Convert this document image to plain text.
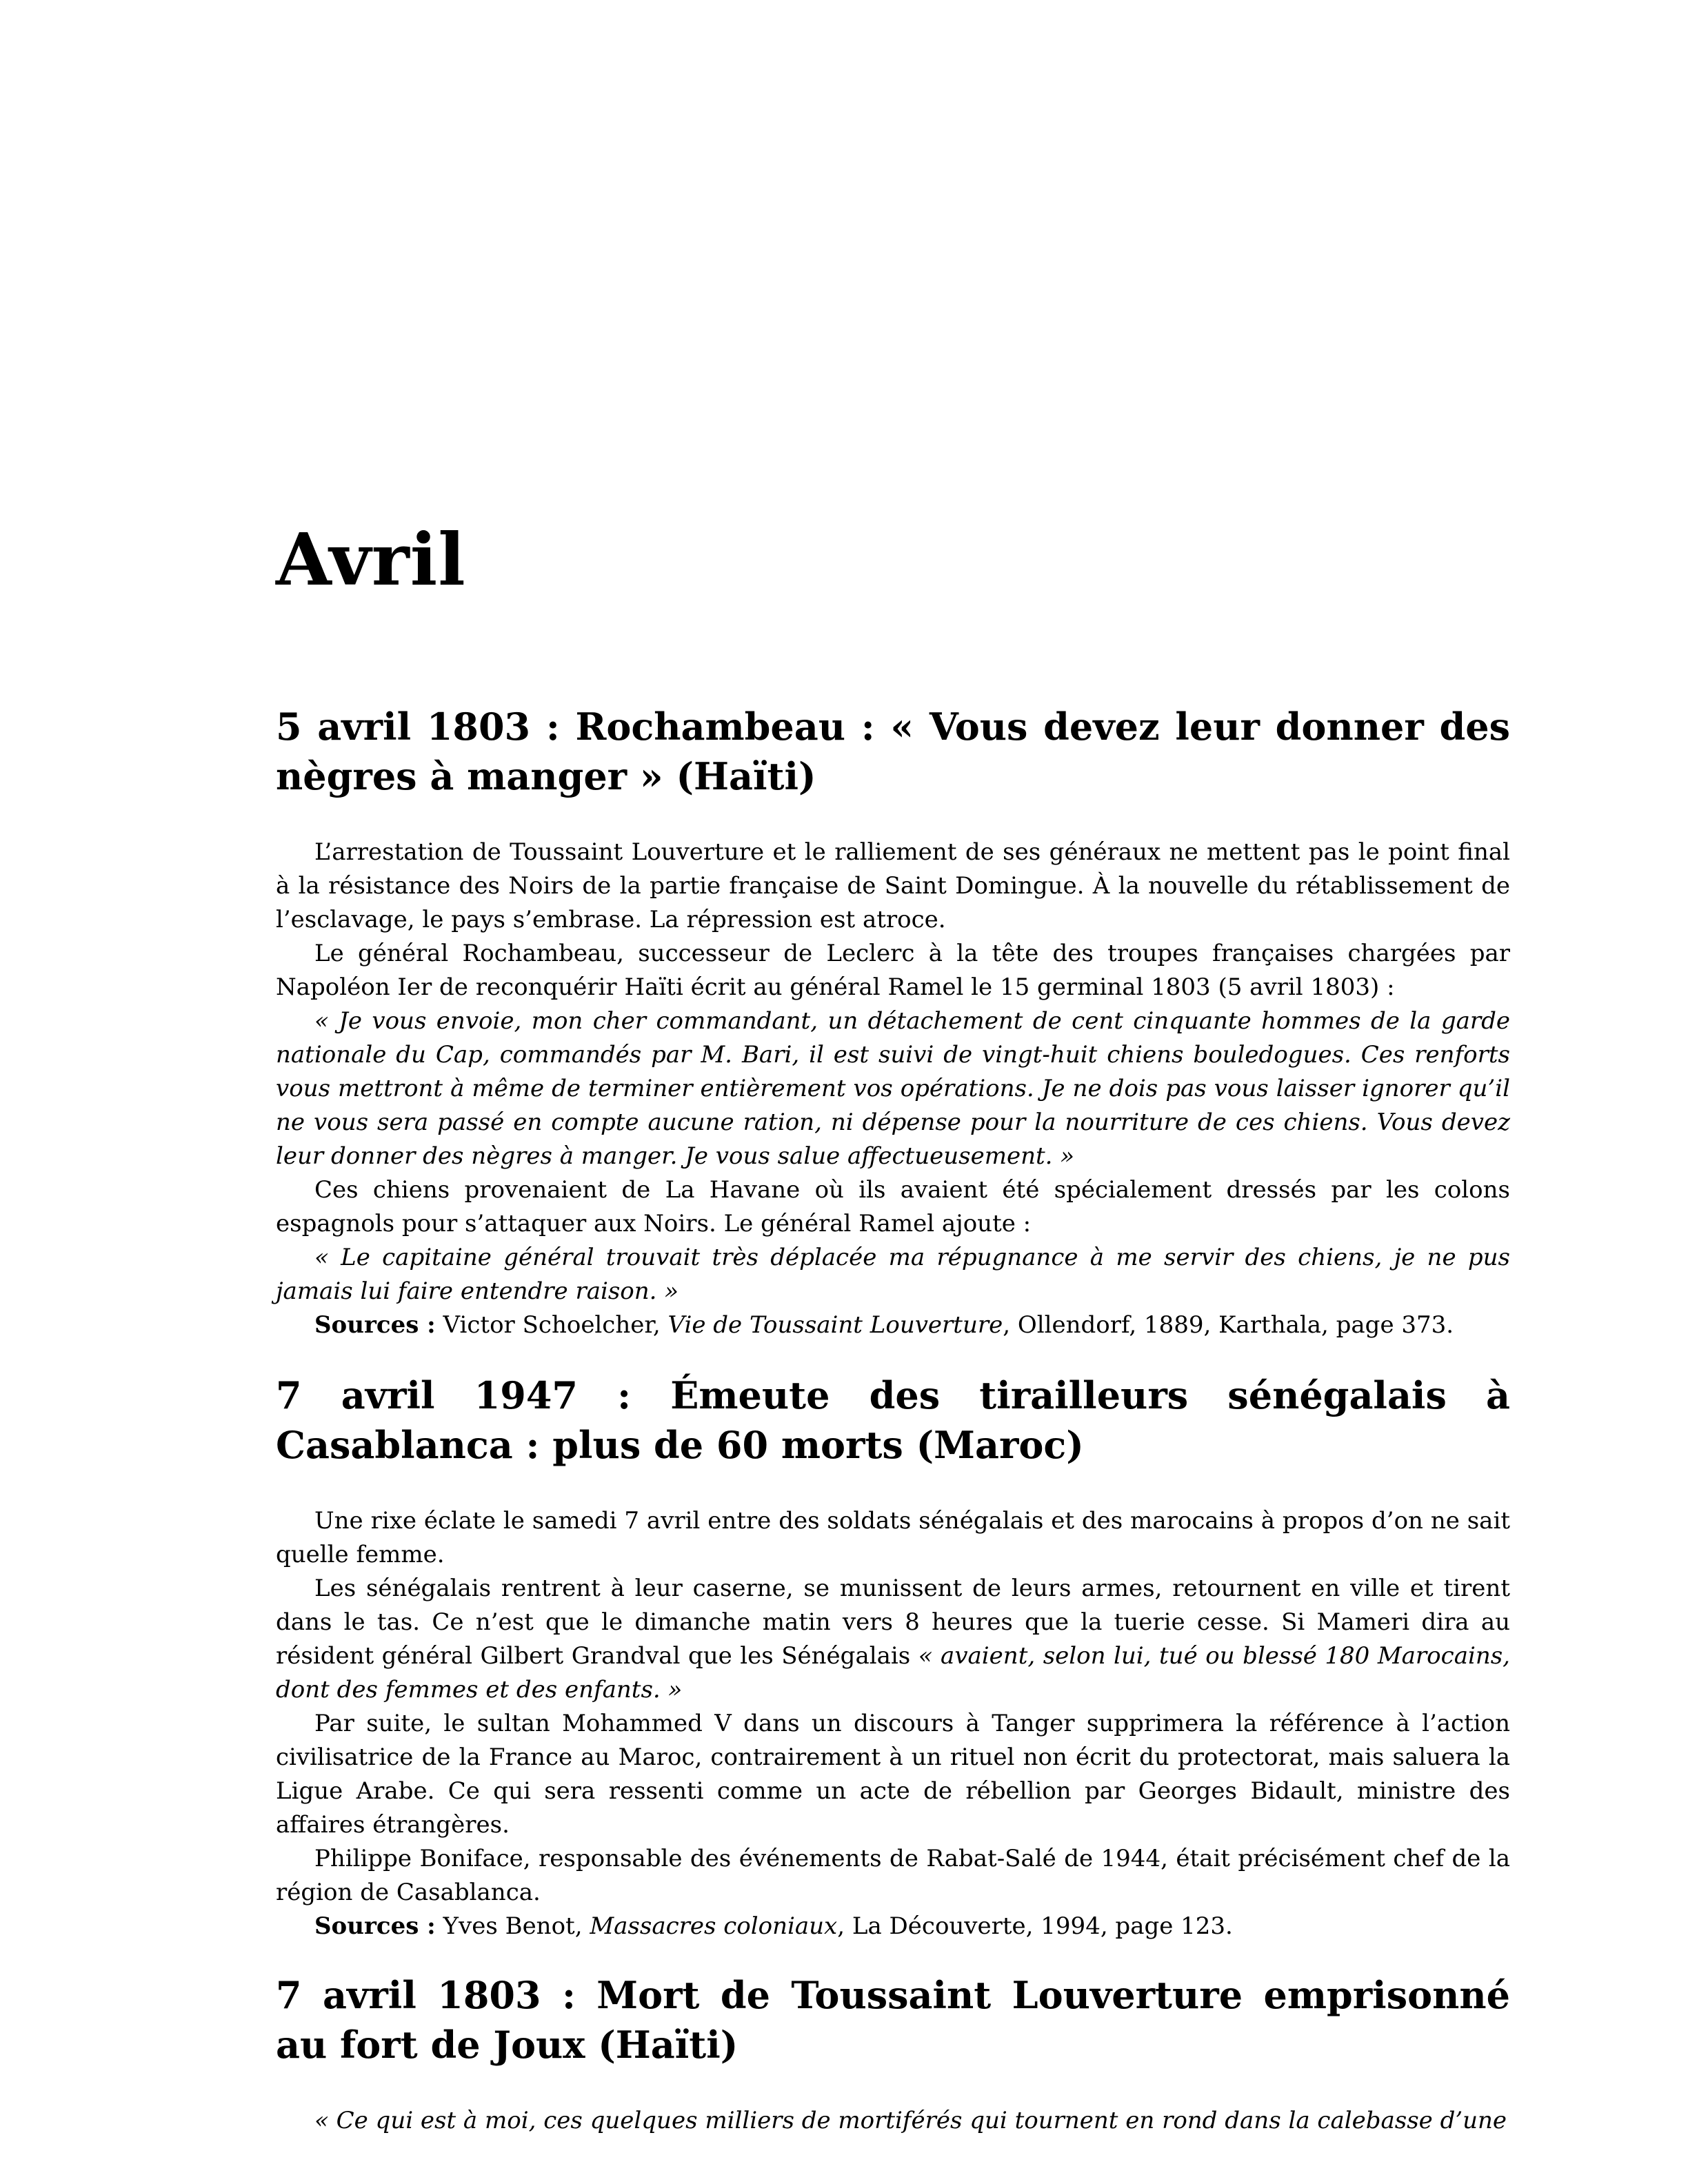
Avril
5 avril 1803 : Rochambeau : « Vous devez leur donner des nègres à manger » (Haïti)

L’arrestation de Toussaint Louverture et le ralliement de ses généraux ne mettent pas le point final à la résistance des Noirs de la partie française de Saint Domingue. À la nouvelle du rétablissement de l’esclavage, le pays s’embrase. La répression est atroce.

Le général Rochambeau, successeur de Leclerc à la tête des troupes françaises chargées par Napoléon Ier de reconquérir Haïti écrit au général Ramel le 15 germinal 1803 (5 avril 1803) :

« Je vous envoie, mon cher commandant, un détachement de cent cinquante hommes de la garde nationale du Cap, commandés par M. Bari, il est suivi de vingt-huit chiens bouledogues. Ces renforts vous mettront à même de terminer entièrement vos opérations. Je ne dois pas vous laisser ignorer qu’il ne vous sera passé en compte aucune ration, ni dépense pour la nourriture de ces chiens. Vous devez leur donner des nègres à manger. Je vous salue affectueusement. »

Ces chiens provenaient de La Havane où ils avaient été spécialement dressés par les colons espagnols pour s’attaquer aux Noirs. Le général Ramel ajoute :

« Le capitaine général trouvait très déplacée ma répugnance à me servir des chiens, je ne pus jamais lui faire entendre raison. »

Sources : Victor Schoelcher, Vie de Toussaint Louverture, Ollendorf, 1889, Karthala, page 373.

7 avril 1947 : Émeute des tirailleurs sénégalais à Casablanca : plus de 60 morts (Maroc)

Une rixe éclate le samedi 7 avril entre des soldats sénégalais et des marocains à propos d’on ne sait quelle femme.

Les sénégalais rentrent à leur caserne, se munissent de leurs armes, retournent en ville et tirent dans le tas. Ce n’est que le dimanche matin vers 8 heures que la tuerie cesse. Si Mameri dira au résident général Gilbert Grandval que les Sénégalais « avaient, selon lui, tué ou blessé 180 Marocains, dont des femmes et des enfants. »

Par suite, le sultan Mohammed V dans un discours à Tanger supprimera la référence à l’action civilisatrice de la France au Maroc, contrairement à un rituel non écrit du protectorat, mais saluera la Ligue Arabe. Ce qui sera ressenti comme un acte de rébellion par Georges Bidault, ministre des affaires étrangères.

Philippe Boniface, responsable des événements de Rabat-Salé de 1944, était précisément chef de la région de Casablanca.

Sources : Yves Benot, Massacres coloniaux, La Découverte, 1994, page 123.

7 avril 1803 : Mort de Toussaint Louverture emprisonné au fort de Joux (Haïti)

« Ce qui est à moi, ces quelques milliers de mortiférés qui tournent en rond dans la calebasse d’une
